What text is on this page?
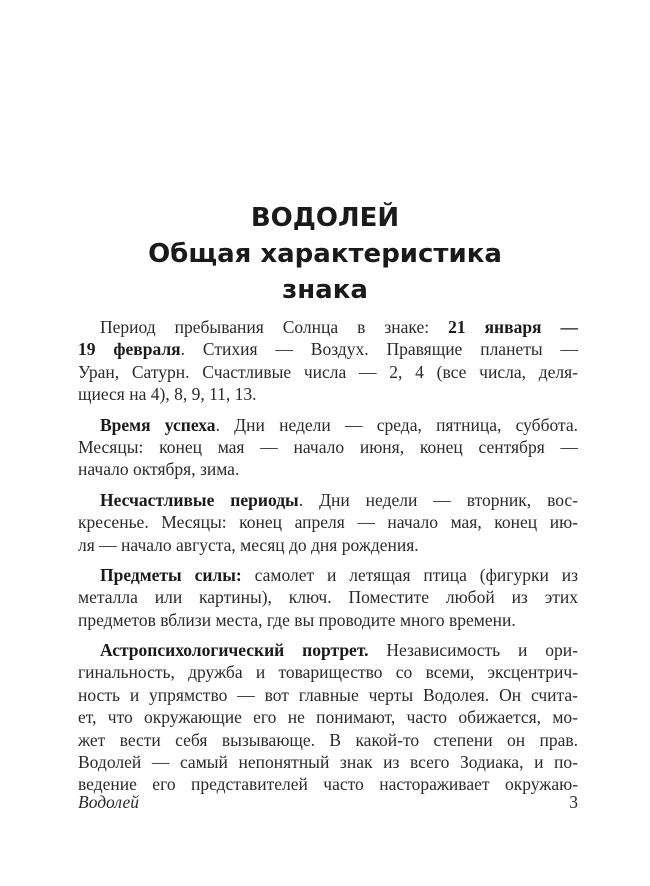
ВОДОЛЕЙ
Общая характеристика
знака
Период пребывания Солнца в знаке: 21 января —
19 февраля. Стихия — Воздух. Правящие планеты —
Уран, Сатурн. Счастливые числа — 2, 4 (все числа, деля-
щиеся на 4), 8, 9, 11, 13.
Время успеха. Дни недели — среда, пятница, суббота.
Месяцы: конец мая — начало июня, конец сентября —
начало октября, зима.
Несчастливые периоды. Дни недели — вторник, вос-
кресенье. Месяцы: конец апреля — начало мая, конец ию-
ля — начало августа, месяц до дня рождения.
Предметы силы: самолет и летящая птица (фигурки из
металла или картины), ключ. Поместите любой из этих
предметов вблизи места, где вы проводите много времени.
Астропсихологический портрет. Независимость и ори-
гинальность, дружба и товарищество со всеми, эксцентрич-
ность и упрямство — вот главные черты Водолея. Он счита-
ет, что окружающие его не понимают, часто обижается, мо-
жет вести себя вызывающе. В какой-то степени он прав.
Водолей — самый непонятный знак из всего Зодиака, и по-
ведение его представителей часто настораживает окружаю-
Водолей	3
